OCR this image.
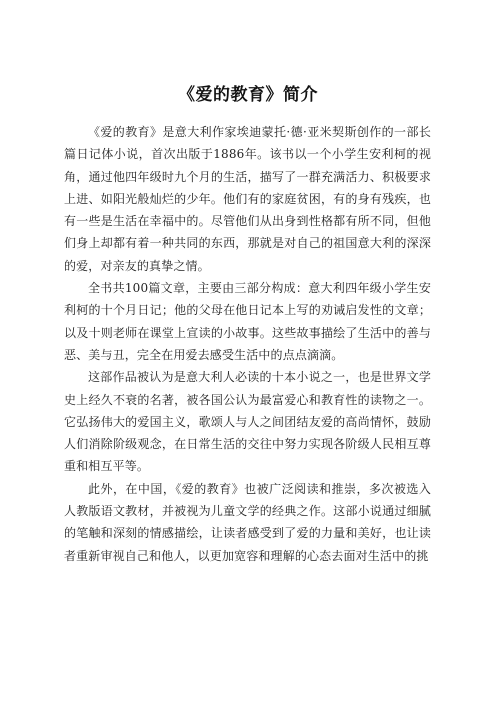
《爱的教育》简介

《爱的教育》是意大利作家埃迪蒙托·德·亚米契斯创作的一部长篇日记体小说，首次出版于1886年。该书以一个小学生安利柯的视角，通过他四年级时九个月的生活，描写了一群充满活力、积极要求上进、如阳光般灿烂的少年。他们有的家庭贫困，有的身有残疾，也有一些是生活在幸福中的。尽管他们从出身到性格都有所不同，但他们身上却都有着一种共同的东西，那就是对自己的祖国意大利的深深的爱，对亲友的真挚之情。

全书共100篇文章，主要由三部分构成：意大利四年级小学生安利柯的十个月日记；他的父母在他日记本上写的劝诫启发性的文章；以及十则老师在课堂上宣读的小故事。这些故事描绘了生活中的善与恶、美与丑，完全在用爱去感受生活中的点点滴滴。

这部作品被认为是意大利人必读的十本小说之一，也是世界文学史上经久不衰的名著，被各国公认为最富爱心和教育性的读物之一。它弘扬伟大的爱国主义，歌颂人与人之间团结友爱的高尚情怀，鼓励人们消除阶级观念，在日常生活的交往中努力实现各阶级人民相互尊重和相互平等。

此外，在中国，《爱的教育》也被广泛阅读和推崇，多次被选入人教版语文教材，并被视为儿童文学的经典之作。这部小说通过细腻的笔触和深刻的情感描绘，让读者感受到了爱的力量和美好，也让读者重新审视自己和他人，以更加宽容和理解的心态去面对生活中的挑
